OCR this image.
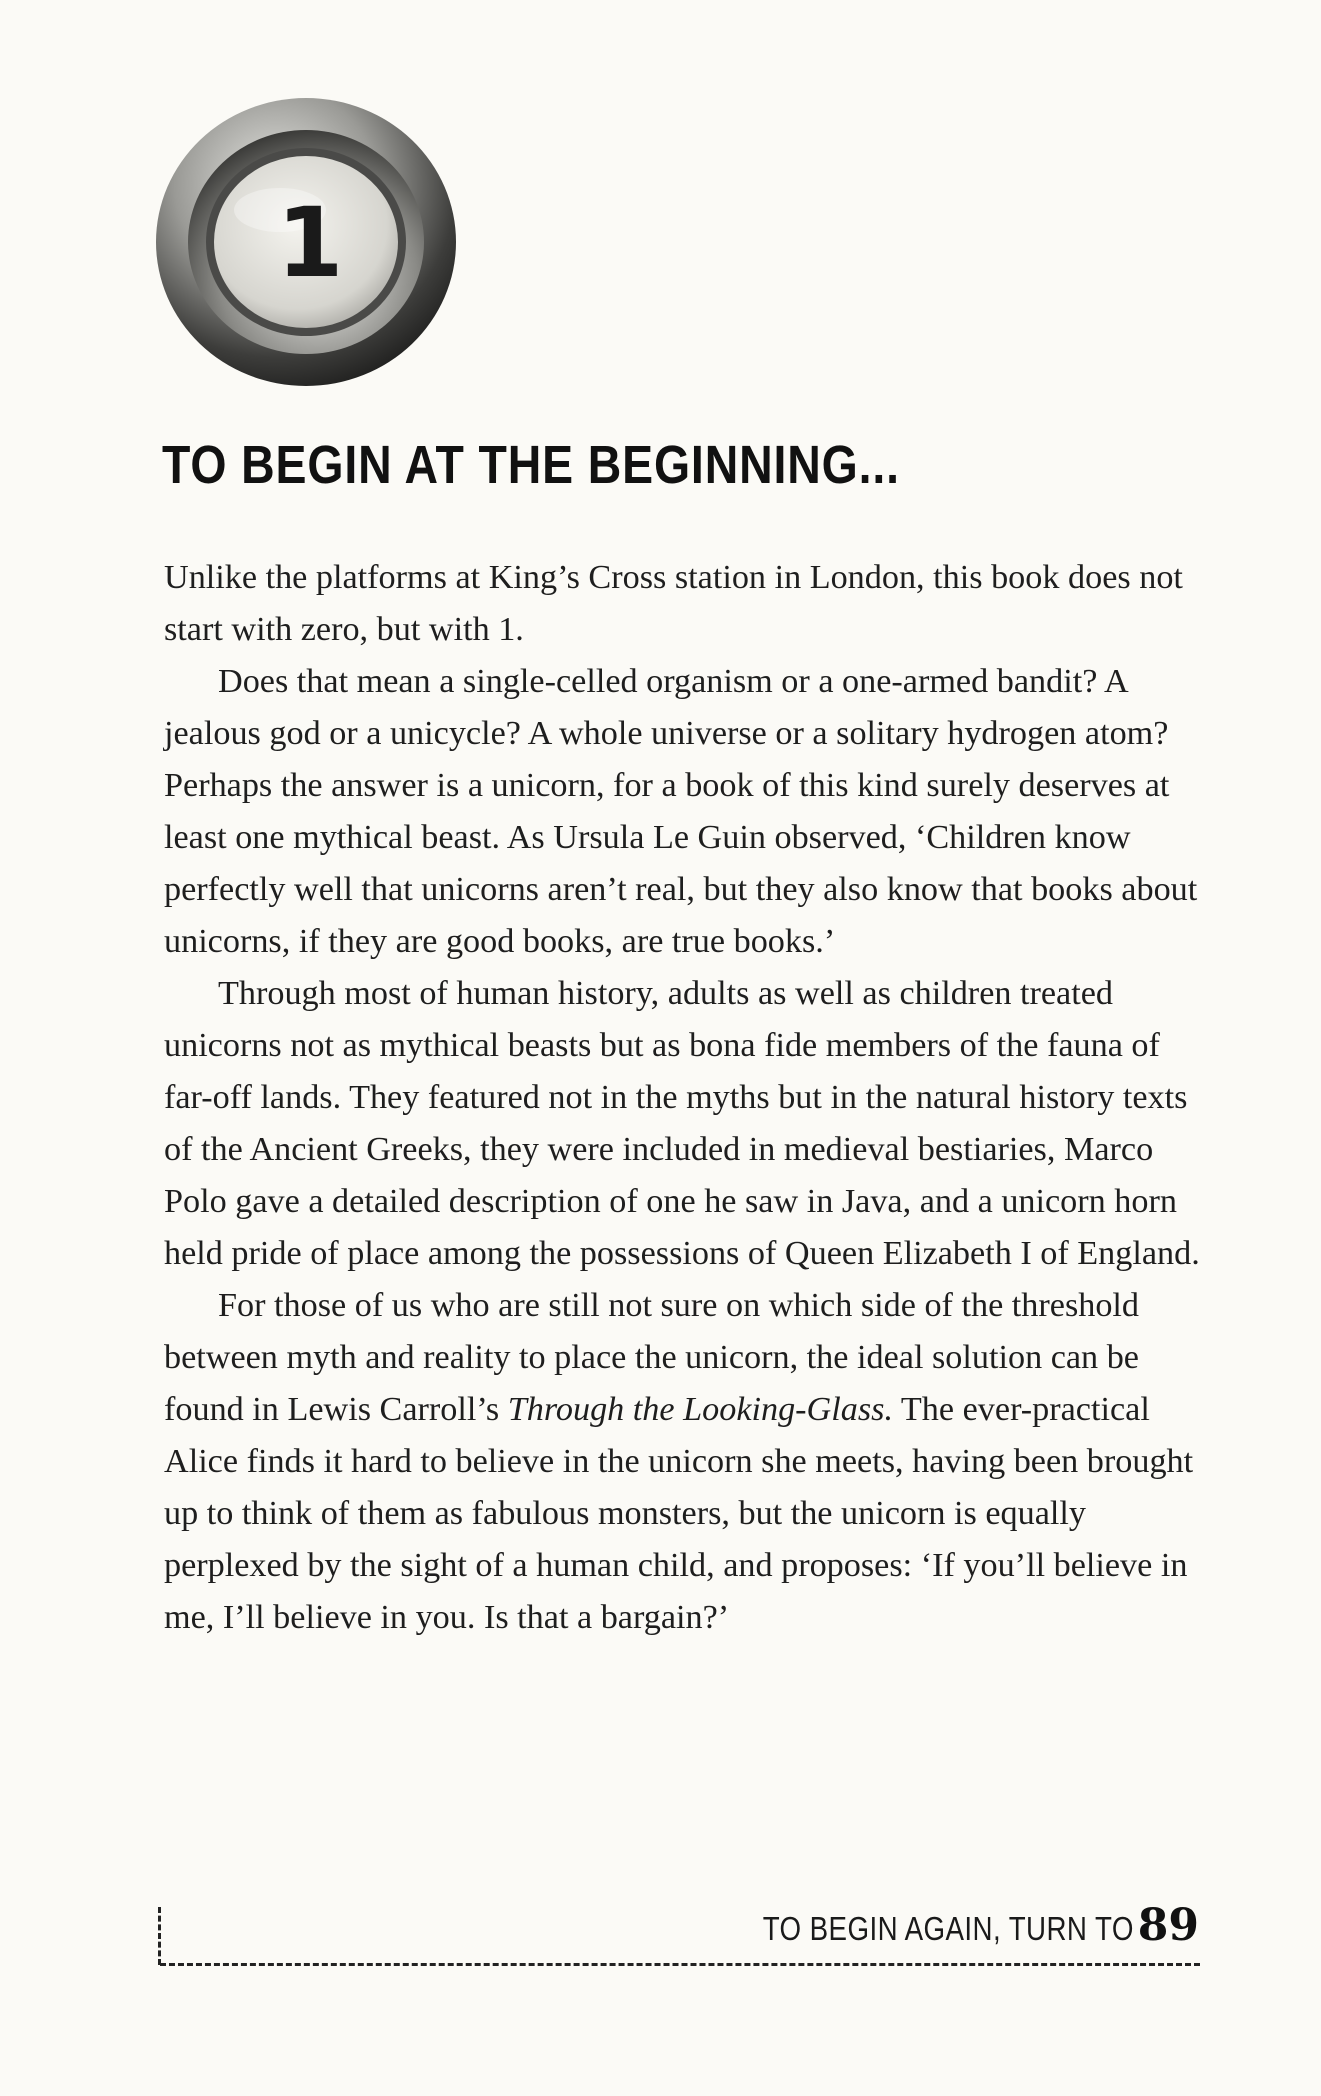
1
TO BEGIN AT THE BEGINNING...

Unlike the platforms at King’s Cross station in London, this book does not start with zero, but with 1.

Does that mean a single-celled organism or a one-armed bandit? A jealous god or a unicycle? A whole universe or a solitary hydrogen atom? Perhaps the answer is a unicorn, for a book of this kind surely deserves at least one mythical beast. As Ursula Le Guin observed, ‘Children know perfectly well that unicorns aren’t real, but they also know that books about unicorns, if they are good books, are true books.’

Through most of human history, adults as well as children treated unicorns not as mythical beasts but as bona fide members of the fauna of far-off lands. They featured not in the myths but in the natural history texts of the Ancient Greeks, they were included in medieval bestiaries, Marco Polo gave a detailed description of one he saw in Java, and a unicorn horn held pride of place among the possessions of Queen Elizabeth I of England.

For those of us who are still not sure on which side of the threshold between myth and reality to place the unicorn, the ideal solution can be found in Lewis Carroll’s Through the Looking-Glass. The ever-practical Alice finds it hard to believe in the unicorn she meets, having been brought up to think of them as fabulous monsters, but the unicorn is equally perplexed by the sight of a human child, and proposes: ‘If you’ll believe in me, I’ll believe in you. Is that a bargain?’

TO BEGIN AGAIN, TURN TO 89
